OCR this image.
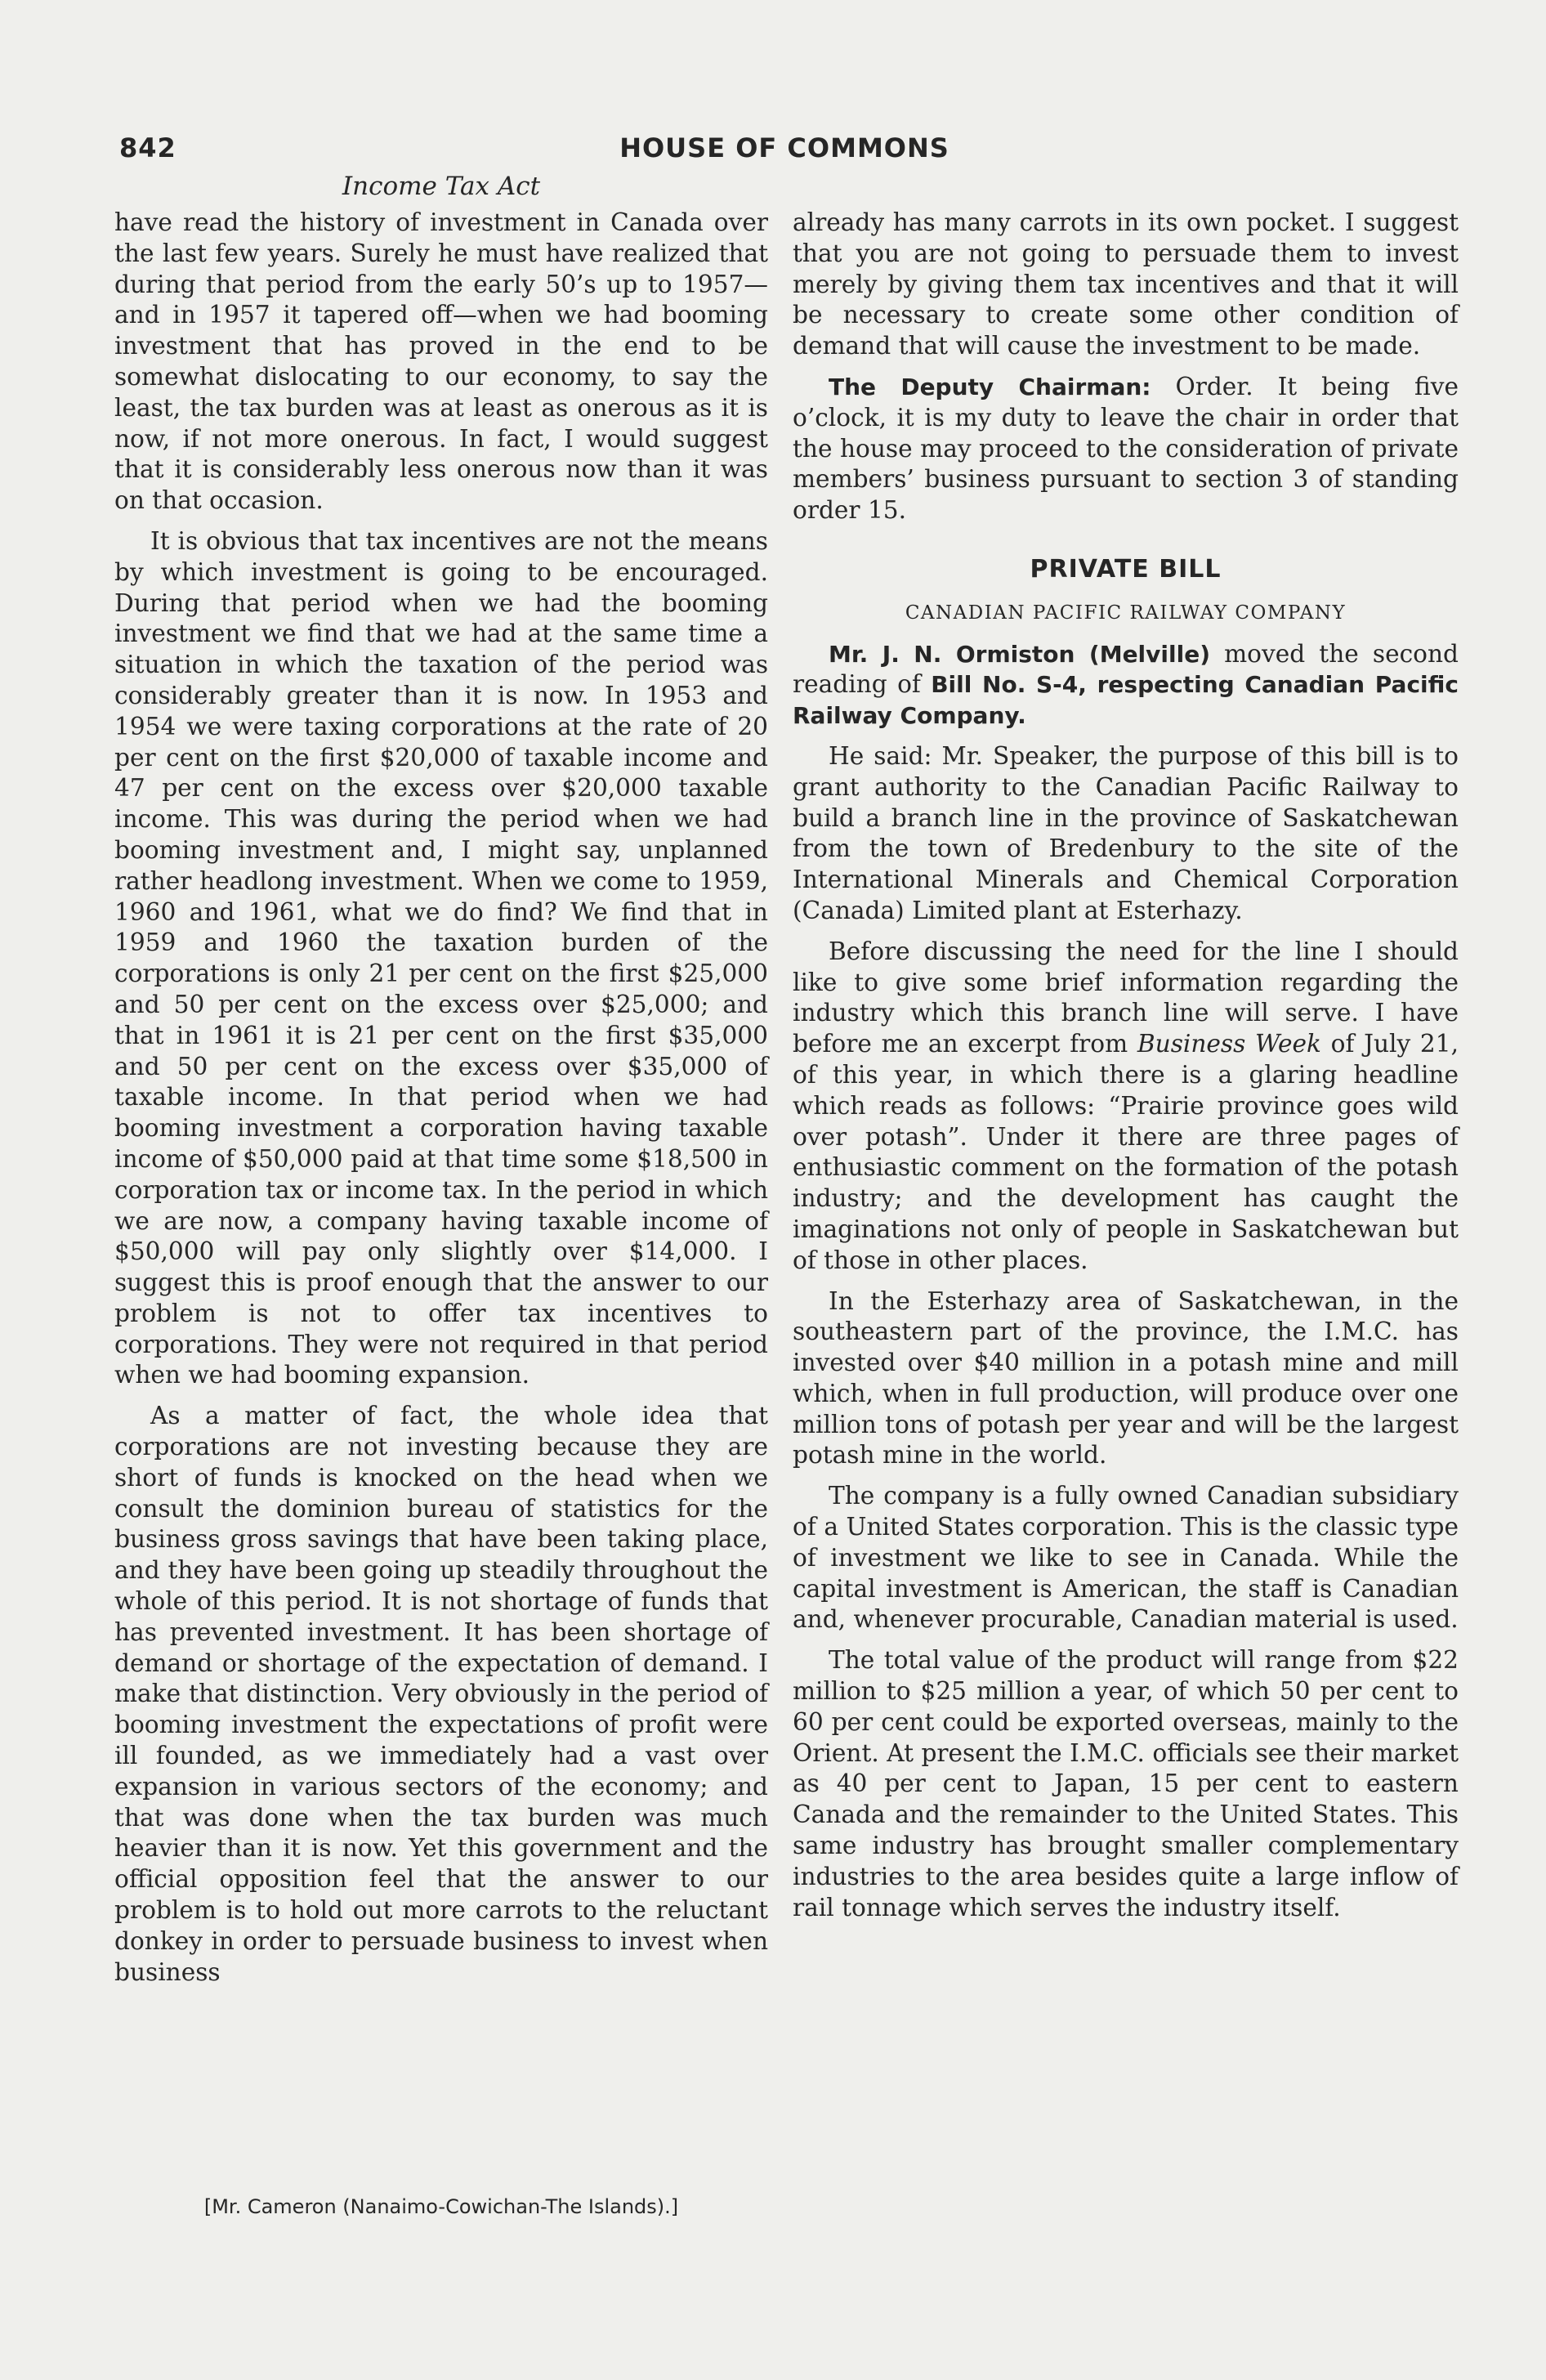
842	HOUSE OF COMMONS
Income Tax Act

have read the history of investment in Canada over the last few years. Surely he must have realized that during that period from the early 50’s up to 1957—and in 1957 it tapered off—when we had booming investment that has proved in the end to be somewhat dislocating to our economy, to say the least, the tax burden was at least as onerous as it is now, if not more onerous. In fact, I would suggest that it is considerably less onerous now than it was on that occasion.

It is obvious that tax incentives are not the means by which investment is going to be encouraged. During that period when we had the booming investment we find that we had at the same time a situation in which the taxation of the period was considerably greater than it is now. In 1953 and 1954 we were taxing corporations at the rate of 20 per cent on the first $20,000 of taxable income and 47 per cent on the excess over $20,000 taxable income. This was during the period when we had booming investment and, I might say, unplanned rather headlong investment. When we come to 1959, 1960 and 1961, what we do find? We find that in 1959 and 1960 the taxation burden of the corporations is only 21 per cent on the first $25,000 and 50 per cent on the excess over $25,000; and that in 1961 it is 21 per cent on the first $35,000 and 50 per cent on the excess over $35,000 of taxable income. In that period when we had booming investment a corporation having taxable income of $50,000 paid at that time some $18,500 in corporation tax or income tax. In the period in which we are now, a company having taxable income of $50,000 will pay only slightly over $14,000. I suggest this is proof enough that the answer to our problem is not to offer tax incentives to corporations. They were not required in that period when we had booming expansion.

As a matter of fact, the whole idea that corporations are not investing because they are short of funds is knocked on the head when we consult the dominion bureau of statistics for the business gross savings that have been taking place, and they have been going up steadily throughout the whole of this period. It is not shortage of funds that has prevented investment. It has been shortage of demand or shortage of the expectation of demand. I make that distinction. Very obviously in the period of booming investment the expectations of profit were ill founded, as we immediately had a vast over expansion in various sectors of the economy; and that was done when the tax burden was much heavier than it is now. Yet this government and the official opposition feel that the answer to our problem is to hold out more carrots to the reluctant donkey in order to persuade business to invest when business

[Mr. Cameron (Nanaimo-Cowichan-The Islands).]

already has many carrots in its own pocket. I suggest that you are not going to persuade them to invest merely by giving them tax incentives and that it will be necessary to create some other condition of demand that will cause the investment to be made.

The Deputy Chairman: Order. It being five o’clock, it is my duty to leave the chair in order that the house may proceed to the consideration of private members’ business pursuant to section 3 of standing order 15.

PRIVATE BILL
CANADIAN PACIFIC RAILWAY COMPANY

Mr. J. N. Ormiston (Melville) moved the second reading of Bill No. S-4, respecting Canadian Pacific Railway Company.

He said: Mr. Speaker, the purpose of this bill is to grant authority to the Canadian Pacific Railway to build a branch line in the province of Saskatchewan from the town of Bredenbury to the site of the International Minerals and Chemical Corporation (Canada) Limited plant at Esterhazy.

Before discussing the need for the line I should like to give some brief information regarding the industry which this branch line will serve. I have before me an excerpt from Business Week of July 21, of this year, in which there is a glaring headline which reads as follows: “Prairie province goes wild over potash”. Under it there are three pages of enthusiastic comment on the formation of the potash industry; and the development has caught the imaginations not only of people in Saskatchewan but of those in other places.

In the Esterhazy area of Saskatchewan, in the southeastern part of the province, the I.M.C. has invested over $40 million in a potash mine and mill which, when in full production, will produce over one million tons of potash per year and will be the largest potash mine in the world.

The company is a fully owned Canadian subsidiary of a United States corporation. This is the classic type of investment we like to see in Canada. While the capital investment is American, the staff is Canadian and, whenever procurable, Canadian material is used.

The total value of the product will range from $22 million to $25 million a year, of which 50 per cent to 60 per cent could be exported overseas, mainly to the Orient. At present the I.M.C. officials see their market as 40 per cent to Japan, 15 per cent to eastern Canada and the remainder to the United States. This same industry has brought smaller complementary industries to the area besides quite a large inflow of rail tonnage which serves the industry itself.
